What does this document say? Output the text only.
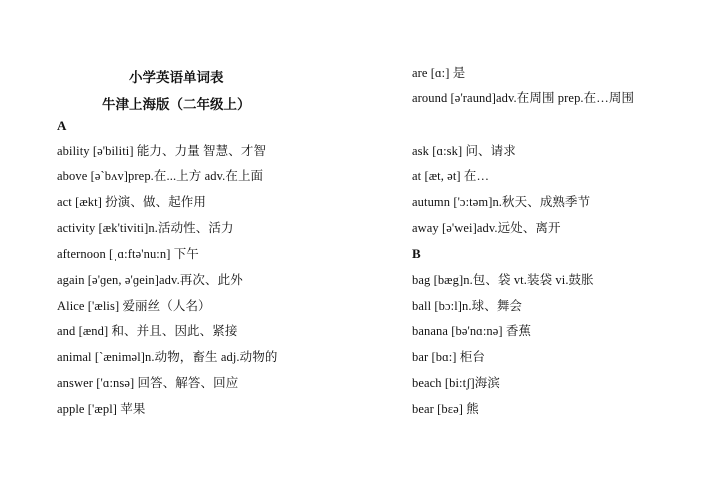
小学英语单词表
牛津上海版（二年级上）
A
ability [ə'biliti] 能力、力量 智慧、才智
above [ə`bʌv]prep.在...上方 adv.在上面
act [ækt] 扮演、做、起作用
activity [æk'tiviti]n.活动性、活力
afternoon [ˌɑ:ftə'nu:n] 下午
again [ə'ɡen, ə'ɡein]adv.再次、此外
Alice ['ælis] 爱丽丝（人名）
and [ænd] 和、并且、因此、紧接
animal [`æniməl]n.动物，畜生 adj.动物的
answer ['ɑ:nsə] 回答、解答、回应
apple ['æpl] 苹果
are [ɑ:] 是
around [ə'raund]adv.在周围 prep.在…周围
ask [ɑ:sk] 问、请求
at [æt, ət] 在…
autumn ['ɔ:təm]n.秋天、成熟季节
away [ə'wei]adv.远处、离开
B
bag [bæg]n.包、袋 vt.装袋 vi.鼓胀
ball [bɔ:l]n.球、舞会
banana [bə'nɑ:nə] 香蕉
bar [bɑ:] 柜台
beach [bi:tʃ]海滨
bear [bɛə] 熊
